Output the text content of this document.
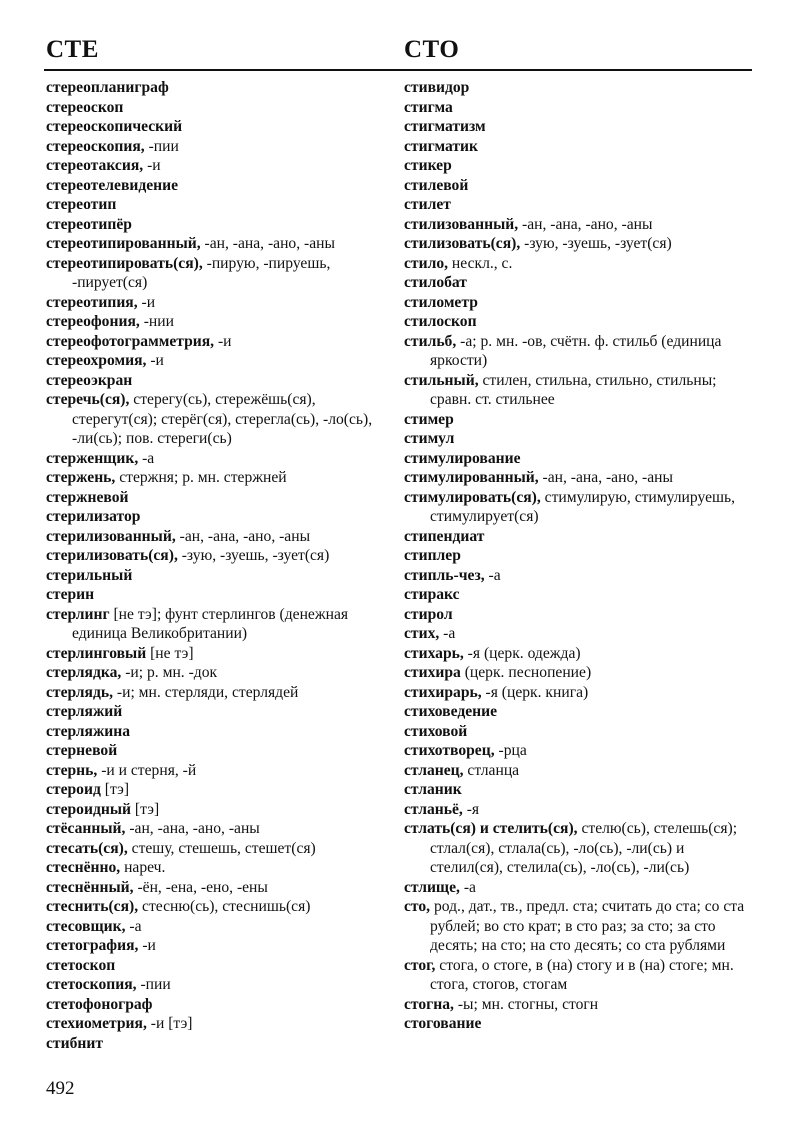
СТЕ	СТО

стереопланиграф

стереоскоп

стереоскопический

стереоскопия, -пии

стереотаксия, -и

стереотелевидение

стереотип

стереотипёр

стереотипированный, -ан, -ана, -ано, -аны

стереотипировать(ся), -пирую, -пируешь, -пирует(ся)

стереотипия, -и

стереофония, -нии

стереофотограмметрия, -и

стереохромия, -и

стереоэкран

стеречь(ся), стерегу(сь), стережёшь(ся), стерегут(ся); стерёг(ся), стерегла(сь), -ло(сь), -ли(сь); пов. стереги(сь)

стерженщик, -а

стержень, стержня; р. мн. стержней

стержневой

стерилизатор

стерилизованный, -ан, -ана, -ано, -аны

стерилизовать(ся), -зую, -зуешь, -зует(ся)

стерильный

стерин

стерлинг [не тэ]; фунт стерлингов (денежная единица Великобритании)

стерлинговый [не тэ]

стерлядка, -и; р. мн. -док

стерлядь, -и; мн. стерляди, стерлядей

стерляжий

стерляжина

стерневой

стернь, -и и стерня, -й

стероид [тэ]

стероидный [тэ]

стёсанный, -ан, -ана, -ано, -аны

стесать(ся), стешу, стешешь, стешет(ся)

стеснённо, нареч.

стеснённый, -ён, -ена, -ено, -ены

стеснить(ся), стесню(сь), стеснишь(ся)

стесовщик, -а

стетография, -и

стетоскоп

стетоскопия, -пии

стетофонограф

стехиометрия, -и [тэ]

стибнит

стивидор

стигма

стигматизм

стигматик

стикер

стилевой

стилет

стилизованный, -ан, -ана, -ано, -аны

стилизовать(ся), -зую, -зуешь, -зует(ся)

стило, нескл., с.

стилобат

стилометр

стилоскоп

стильб, -а; р. мн. -ов, счётн. ф. стильб (единица яркости)

стильный, стилен, стильна, стильно, стильны; сравн. ст. стильнее

стимер

стимул

стимулирование

стимулированный, -ан, -ана, -ано, -аны

стимулировать(ся), стимулирую, стимулируешь, стимулирует(ся)

стипендиат

стиплер

стипль-чез, -а

стиракс

стирол

стих, -а

стихарь, -я (церк. одежда)

стихира (церк. песнопение)

стихирарь, -я (церк. книга)

стиховедение

стиховой

стихотворец, -рца

стланец, стланца

стланик

стланьё, -я

стлать(ся) и стелить(ся), стелю(сь), стелешь(ся); стлал(ся), стлала(сь), -ло(сь), -ли(сь) и стелил(ся), стелила(сь), -ло(сь), -ли(сь)

стлище, -а

сто, род., дат., тв., предл. ста; считать до ста; со ста рублей; во сто крат; в сто раз; за сто; за сто десять; на сто; на сто десять; со ста рублями

стог, стога, о стоге, в (на) стогу и в (на) стоге; мн. стога, стогов, стогам

стогна, -ы; мн. стогны, стогн

стогование

492
